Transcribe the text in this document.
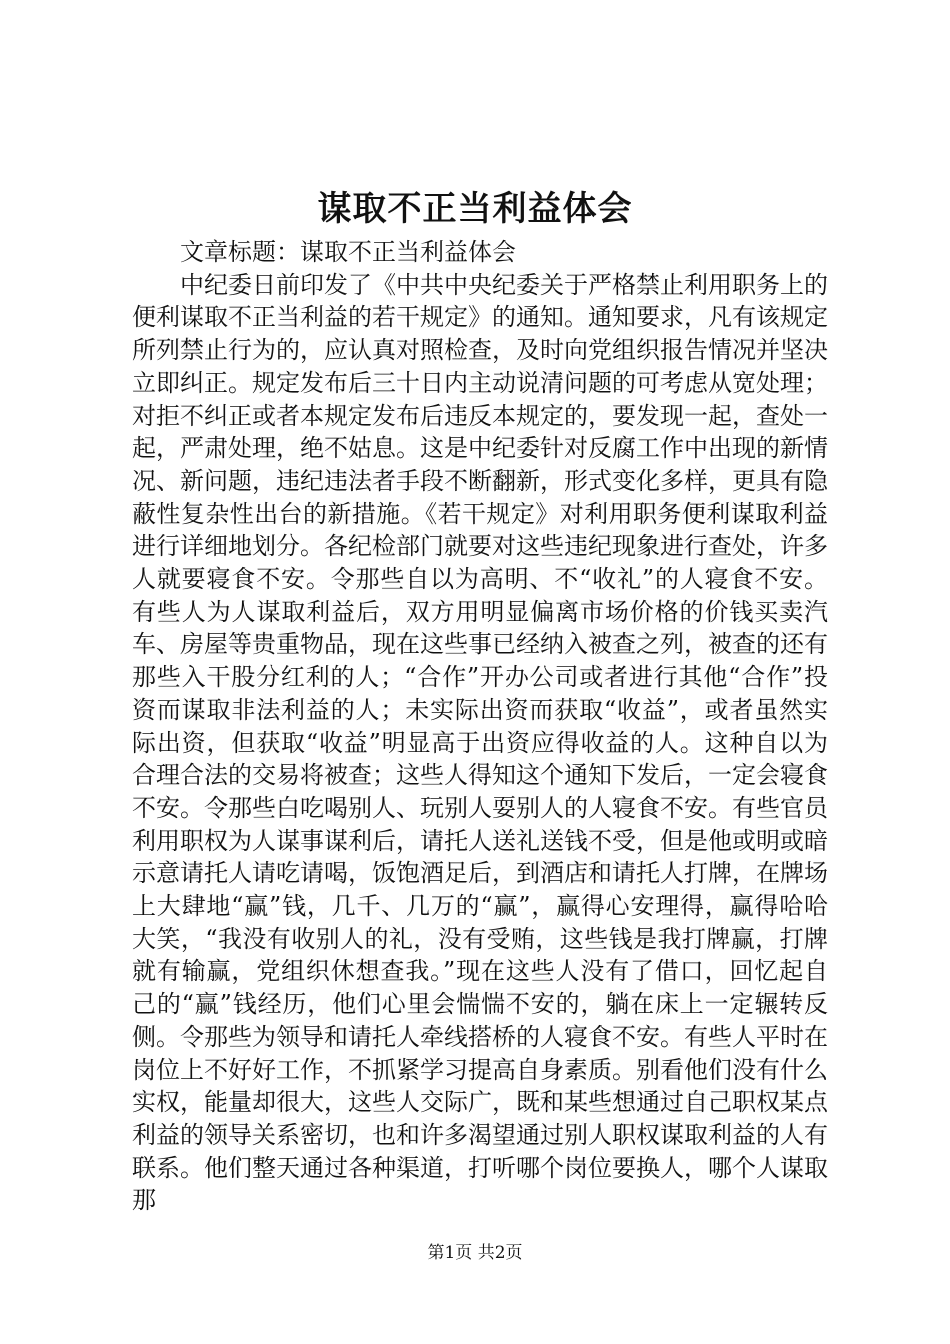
谋取不正当利益体会

文章标题：谋取不正当利益体会

中纪委日前印发了《中共中央纪委关于严格禁止利用职务上的便利谋取不正当利益的若干规定》的通知。通知要求，凡有该规定所列禁止行为的，应认真对照检查，及时向党组织报告情况并坚决立即纠正。规定发布后三十日内主动说清问题的可考虑从宽处理；对拒不纠正或者本规定发布后违反本规定的，要发现一起，查处一起，严肃处理，绝不姑息。这是中纪委针对反腐工作中出现的新情况、新问题，违纪违法者手段不断翻新，形式变化多样，更具有隐蔽性复杂性出台的新措施。《若干规定》对利用职务便利谋取利益进行详细地划分。各纪检部门就要对这些违纪现象进行查处，许多人就要寝食不安。令那些自以为高明、不“收礼”的人寝食不安。有些人为人谋取利益后，双方用明显偏离市场价格的价钱买卖汽车、房屋等贵重物品，现在这些事已经纳入被查之列，被查的还有那些入干股分红利的人；“合作”开办公司或者进行其他“合作”投资而谋取非法利益的人；未实际出资而获取“收益”，或者虽然实际出资，但获取“收益”明显高于出资应得收益的人。这种自以为合理合法的交易将被查；这些人得知这个通知下发后，一定会寝食不安。令那些白吃喝别人、玩别人耍别人的人寝食不安。有些官员利用职权为人谋事谋利后，请托人送礼送钱不受，但是他或明或暗示意请托人请吃请喝，饭饱酒足后，到酒店和请托人打牌，在牌场上大肆地“赢”钱，几千、几万的“赢”，赢得心安理得，赢得哈哈大笑，“我没有收别人的礼，没有受贿，这些钱是我打牌赢，打牌就有输赢，党组织休想查我。”现在这些人没有了借口，回忆起自己的“赢”钱经历，他们心里会惴惴不安的，躺在床上一定辗转反侧。令那些为领导和请托人牵线搭桥的人寝食不安。有些人平时在岗位上不好好工作，不抓紧学习提高自身素质。别看他们没有什么实权，能量却很大，这些人交际广，既和某些想通过自己职权某点利益的领导关系密切，也和许多渴望通过别人职权谋取利益的人有联系。他们整天通过各种渠道，打听哪个岗位要换人，哪个人谋取那

第1页 共2页
